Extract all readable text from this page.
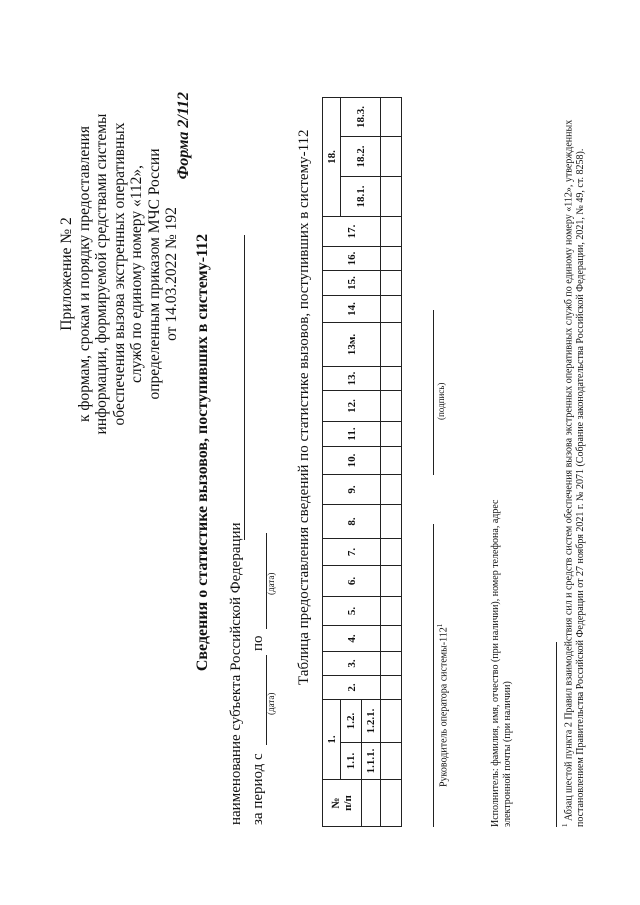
Приложение № 2 к формам, срокам и порядку предоставления информации, формируемой средствами системы обеспечения вызова экстренных оперативных служб по единому номеру «112», определенным приказом МЧС России от 14.03.2022 № 192
Форма 2/112
Сведения о статистике вызовов, поступивших в систему-112
наименование субъекта Российской Федерации за период с
по
(дата)
(дата) Таблица предоставления сведений по статистике вызовов, поступивших в систему-112
№ п/п	1.		2.	3.	4.	5.	6.	7.	8.	9.	10.	11.	12.	13.	13м.	14.	15.	16.	17.	18.		
	1.1.	1.2.																		18.1.	18.2.	18.3.
	1.1.1.	1.2.1.																				
																							Руководитель оператора системы-$112^1$
(подпись)
Исполнитель: фамилия, имя, отчество (при наличии), номер телефона, адрес электронной почты (при наличии)	$^1$ Абзац шестой пункта 2 Правил взаимодействия сил и средств систем обеспечения вызова экстренных оперативных служб по единому номеру «112», утвержденных постановлением Правительства Российской Федерации от 27 ноября 2021 г. № 2071 (Собрание законодательства Российской Федерации, 2021, № 49, ст. 8258).
